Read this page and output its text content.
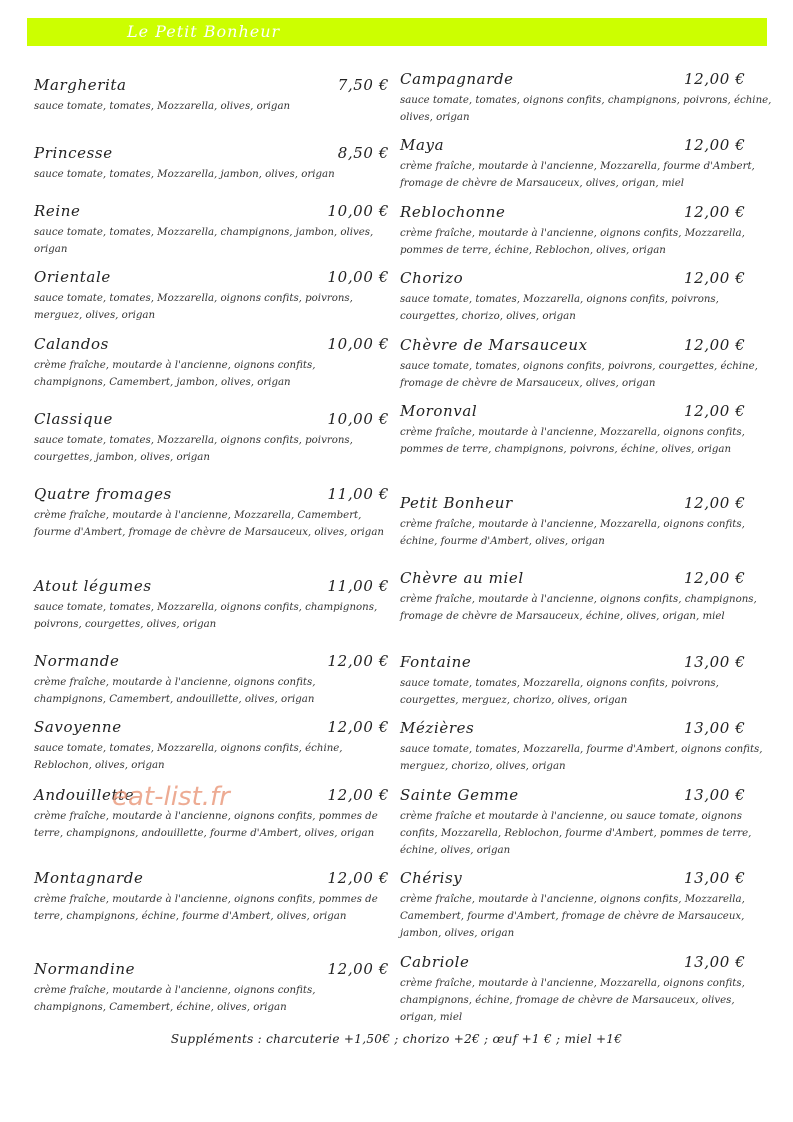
Le Petit Bonheur
Margherita	7,50 €
sauce tomate, tomates, Mozzarella, olives, origan
Princesse	8,50 €
sauce tomate, tomates, Mozzarella, jambon, olives, origan
Reine	10,00 €
sauce tomate, tomates, Mozzarella, champignons, jambon, olives, origan
Orientale	10,00 €
sauce tomate, tomates, Mozzarella, oignons confits, poivrons, merguez, olives, origan
Calandos	10,00 €
crème fraîche, moutarde à l'ancienne, oignons confits, champignons, Camembert, jambon, olives, origan
Classique	10,00 €
sauce tomate, tomates, Mozzarella, oignons confits, poivrons, courgettes, jambon, olives, origan
Quatre fromages	11,00 €
crème fraîche, moutarde à l'ancienne, Mozzarella, Camembert, fourme d'Ambert, fromage de chèvre de Marsauceux, olives, origan
Atout légumes	11,00 €
sauce tomate, tomates, Mozzarella, oignons confits, champignons, poivrons, courgettes, olives, origan
Normande	12,00 €
crème fraîche, moutarde à l'ancienne, oignons confits, champignons, Camembert, andouillette, olives, origan
Savoyenne	12,00 €
sauce tomate, tomates, Mozzarella, oignons confits, échine, Reblochon, olives, origan
Andouillette	12,00 €
crème fraîche, moutarde à l'ancienne, oignons confits, pommes de terre, champignons, andouillette, fourme d'Ambert, olives, origan
Montagnarde	12,00 €
crème fraîche, moutarde à l'ancienne, oignons confits, pommes de terre, champignons, échine, fourme d'Ambert, olives, origan
Normandine	12,00 €
crème fraîche, moutarde à l'ancienne, oignons confits, champignons, Camembert, échine, olives, origan
Campagnarde	12,00 €
sauce tomate, tomates, oignons confits, champignons, poivrons, échine, olives, origan
Maya	12,00 €
crème fraîche, moutarde à l'ancienne, Mozzarella, fourme d'Ambert, fromage de chèvre de Marsauceux, olives, origan, miel
Reblochonne	12,00 €
crème fraîche, moutarde à l'ancienne, oignons confits, Mozzarella, pommes de terre, échine, Reblochon, olives, origan
Chorizo	12,00 €
sauce tomate, tomates, Mozzarella, oignons confits, poivrons, courgettes, chorizo, olives, origan
Chèvre de Marsauceux	12,00 €
sauce tomate, tomates, oignons confits, poivrons, courgettes, échine, fromage de chèvre de Marsauceux, olives, origan
Moronval	12,00 €
crème fraîche, moutarde à l'ancienne, Mozzarella, oignons confits, pommes de terre, champignons, poivrons, échine, olives, origan
Petit Bonheur	12,00 €
crème fraîche, moutarde à l'ancienne, Mozzarella, oignons confits, échine, fourme d'Ambert, olives, origan
Chèvre au miel	12,00 €
crème fraîche, moutarde à l'ancienne, oignons confits, champignons, fromage de chèvre de Marsauceux, échine, olives, origan, miel
Fontaine	13,00 €
sauce tomate, tomates, Mozzarella, oignons confits, poivrons, courgettes, merguez, chorizo, olives, origan
Mézières	13,00 €
sauce tomate, tomates, Mozzarella, fourme d'Ambert, oignons confits, merguez, chorizo, olives, origan
Sainte Gemme	13,00 €
crème fraîche et moutarde à l'ancienne, ou sauce tomate, oignons confits, Mozzarella, Reblochon, fourme d'Ambert, pommes de terre, échine, olives, origan
Chérisy	13,00 €
crème fraîche, moutarde à l'ancienne, oignons confits, Mozzarella, Camembert, fourme d'Ambert, fromage de chèvre de Marsauceux, jambon, olives, origan
Cabriole	13,00 €
crème fraîche, moutarde à l'ancienne, Mozzarella, oignons confits, champignons, échine, fromage de chèvre de Marsauceux, olives, origan, miel
Suppléments : charcuterie +1,50€ ; chorizo +2€ ; œuf +1 € ; miel +1€
eat-list.fr
